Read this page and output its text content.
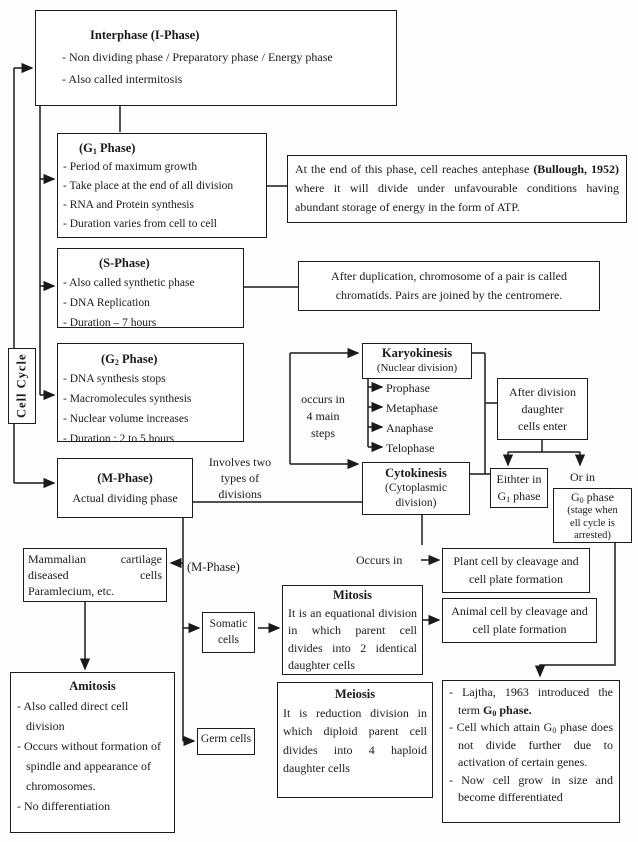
Interphase (I-Phase)
- Non dividing phase / Preparatory phase / Energy phase
- Also called intermitosis
($G_1$ Phase)
- Period of maximum growth
- Take place at the end of all division
- RNA and Protein synthesis
- Duration varies from cell to cell
At the end of this phase, cell reaches antephase (Bullough, 1952) where it will divide under unfavourable conditions having abundant storage of energy in the form of ATP.
(S-Phase)
- Also called synthetic phase
- DNA Replication
- Duration – 7 hours
After duplication, chromosome of a pair is called chromatids. Pairs are joined by the centromere.
($G_2$ Phase)
- DNA synthesis stops
- Macromolecules synthesis
- Nuclear volume increases
- Duration : 2 to 5 hours
occurs in
4 main
steps
Karyokinesis
(Nuclear division)
Prophase
Metaphase
Anaphase
Telophase
Cytokinesis
(Cytoplasmic
division)
After division
daughter
cells enter
Eithter in
$G_1$ phase
Or in
$G_0$ phase
(stage when
ell cycle is
arrested)
(M-Phase)
Actual dividing phase
Involves two
types of
divisions
Mammalian cartilage diseased cells Paramlecium, etc.
(M-Phase)
Somatic
cells
Mitosis
It is an equational division in which parent cell divides into 2 identical daughter cells
Occurs in	Plant cell by cleavage and cell plate formation
Animal cell by cleavage and cell plate formation
Amitosis
- Also called direct cell division
- Occurs without formation of spindle and appearance of chromosomes.
- No differentiation
Germ cells
Meiosis
It is reduction division in which diploid parent cell divides into 4 haploid daughter cells
- Lajtha, 1963 introduced the term $G_0$ phase.
- Cell which attain $G_0$ phase does not divide further due to activation of certain genes.
- Now cell grow in size and become differentiated
Cell Cycle
